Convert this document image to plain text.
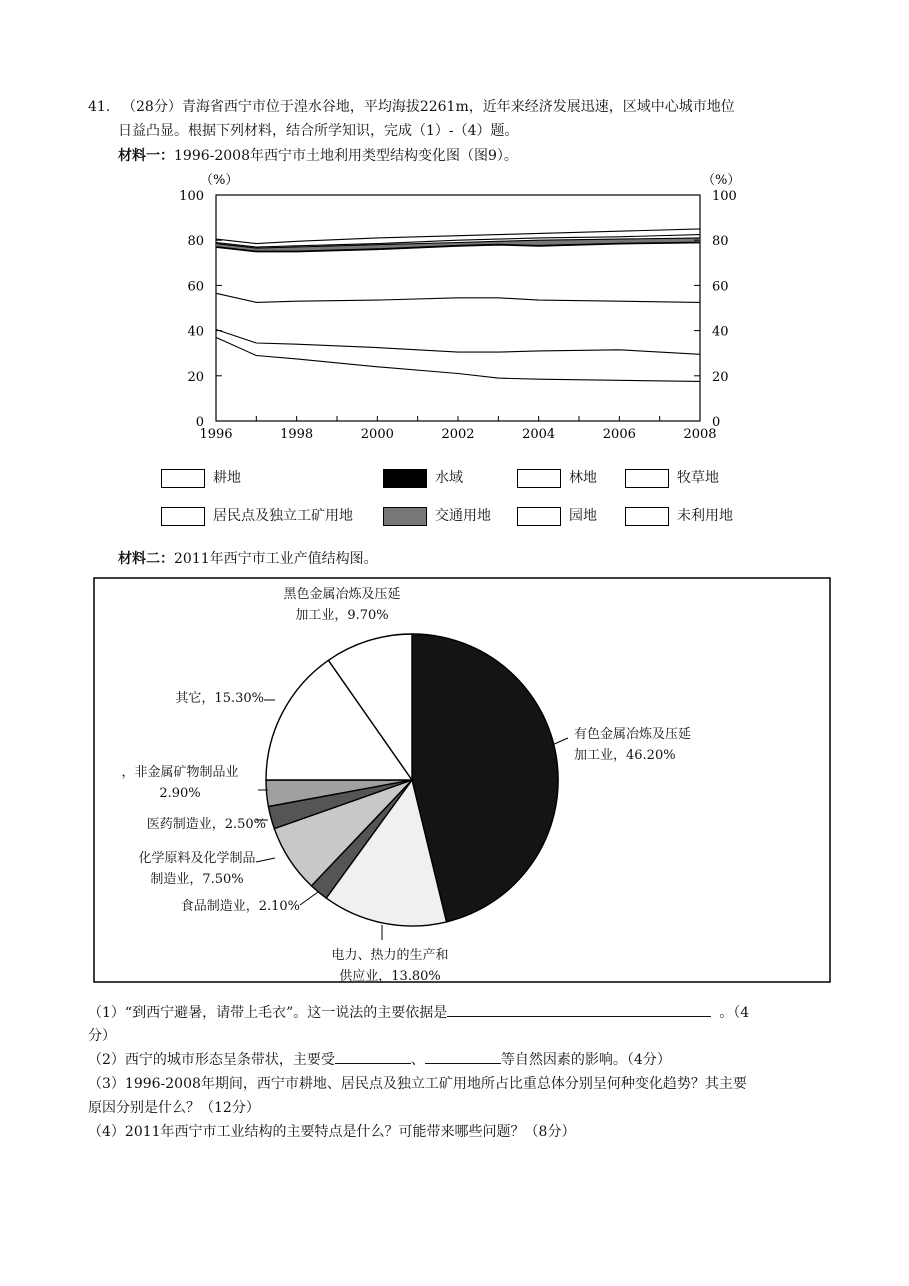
41. （28分）青海省西宁市位于湟水谷地，平均海拔2261m，近年来经济发展迅速，区域中心城市地位
日益凸显。根据下列材料，结合所学知识，完成（1）-（4）题。
材料一：1996-2008年西宁市土地利用类型结构变化图（图9）。
100	100
80	80
60	60
40	40
20	20
0	0
1996	1998	2000	2002	2004	2006	2008
（%）	（%）
耕地	水域	林地	牧草地
居民点及独立工矿用地	交通用地	园地	未利用地
材料二：2011年西宁市工业产值结构图。
有色金属冶炼及压延
加工业，46.20%
电力、热力的生产和
供应业，13.80%
食品制造业，2.10%
化学原料及化学制品
制造业，7.50%
医药制造业，2.50%
，非金属矿物制品业
2.90%
其它，15.30%
黑色金属冶炼及压延
加工业，9.70%
（1）“到西宁避暑，请带上毛衣”。这一说法的主要依据是	。（4
分）
（2）西宁的城市形态呈条带状，主要受	、	等自然因素的影响。（4分）
（3）1996-2008年期间，西宁市耕地、居民点及独立工矿用地所占比重总体分别呈何种变化趋势？其主要
原因分别是什么？（12分）
（4）2011年西宁市工业结构的主要特点是什么？可能带来哪些问题？（8分）
